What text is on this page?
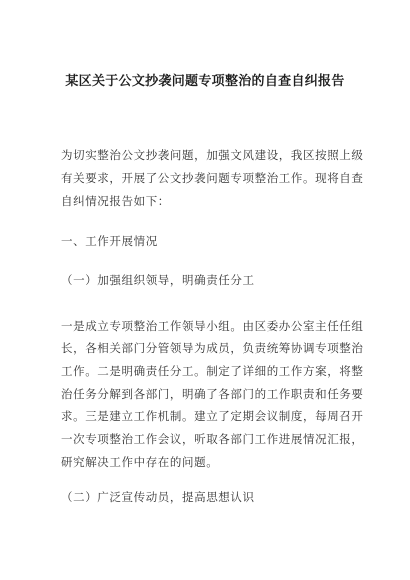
某区关于公文抄袭问题专项整治的自查自纠报告
为切实整治公文抄袭问题，加强文风建设，我区按照上级
有关要求，开展了公文抄袭问题专项整治工作。现将自查
自纠情况报告如下：
一、工作开展情况
（一）加强组织领导，明确责任分工
一是成立专项整治工作领导小组。由区委办公室主任任组
长，各相关部门分管领导为成员，负责统筹协调专项整治
工作。二是明确责任分工。制定了详细的工作方案，将整
治任务分解到各部门，明确了各部门的工作职责和任务要
求。三是建立工作机制。建立了定期会议制度，每周召开
一次专项整治工作会议，听取各部门工作进展情况汇报，
研究解决工作中存在的问题。
（二）广泛宣传动员，提高思想认识
